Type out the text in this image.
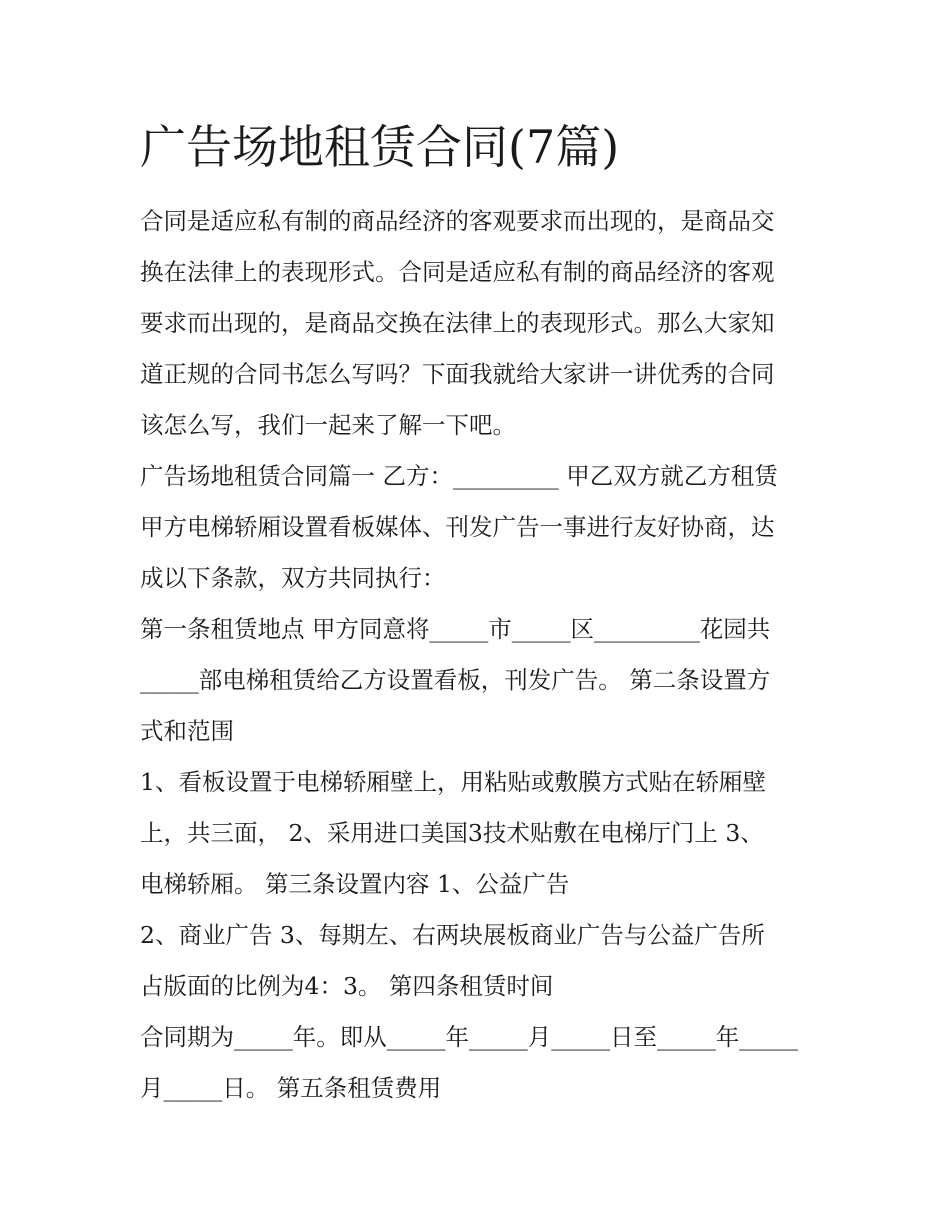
广告场地租赁合同(7篇)
合同是适应私有制的商品经济的客观要求而出现的，是商品交
换在法律上的表现形式。合同是适应私有制的商品经济的客观
要求而出现的，是商品交换在法律上的表现形式。那么大家知
道正规的合同书怎么写吗？下面我就给大家讲一讲优秀的合同
该怎么写，我们一起来了解一下吧。
广告场地租赁合同篇一 乙方：_________ 甲乙双方就乙方租赁
甲方电梯轿厢设置看板媒体、刊发广告一事进行友好协商，达
成以下条款，双方共同执行：
第一条租赁地点 甲方同意将_____市_____区_________花园共
_____部电梯租赁给乙方设置看板，刊发广告。 第二条设置方
式和范围
1、看板设置于电梯轿厢壁上，用粘贴或敷膜方式贴在轿厢壁
上，共三面， 2、采用进口美国3技术贴敷在电梯厅门上 3、
电梯轿厢。 第三条设置内容 1、公益广告
2、商业广告 3、每期左、右两块展板商业广告与公益广告所
占版面的比例为4：3。 第四条租赁时间
合同期为_____年。即从_____年_____月_____日至_____年_____
月_____日。 第五条租赁费用
